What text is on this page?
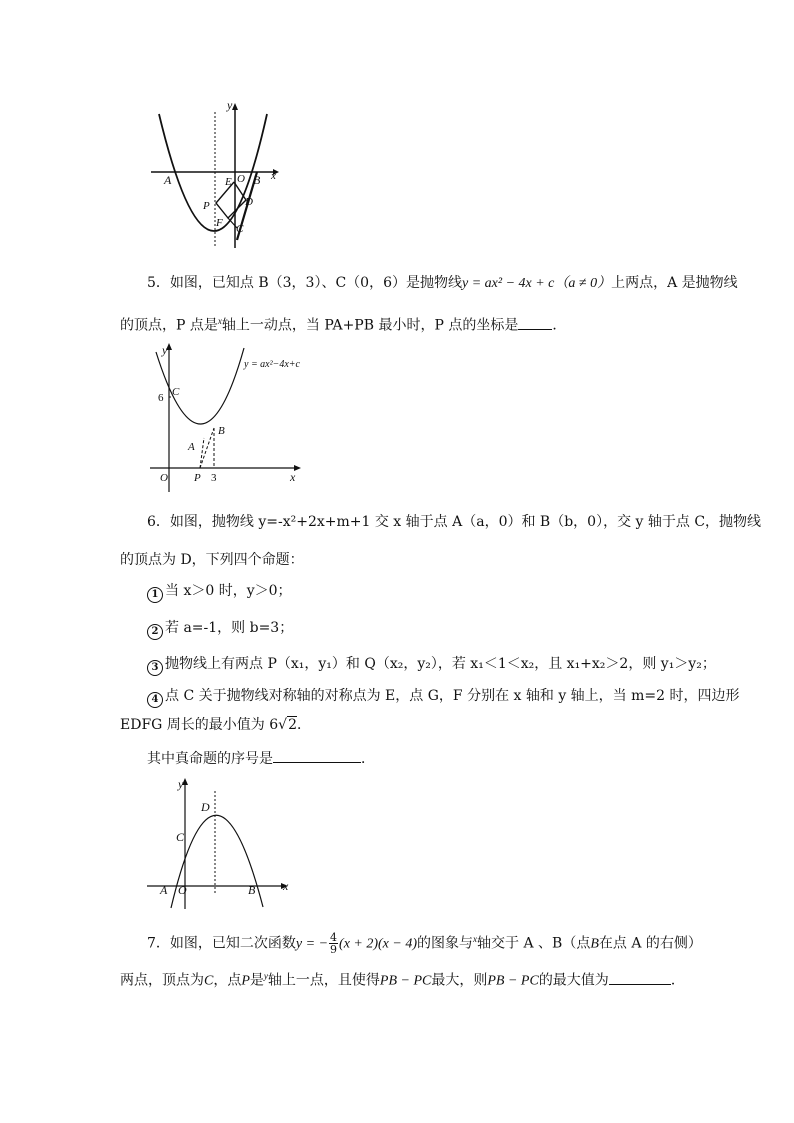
y
x
A	E O B
P	D
F C
5．如图，已知点 B（3，3）、C（0，6）是抛物线y = ax² − 4x + c（a ≠ 0）上两点，A 是抛物线
的顶点，P 点是$^x$轴上一动点，当 PA+PB 最小时，P 点的坐标是 ．
y
x
y = ax²−4x+c
6 C
B
A
O P 3
6．如图，抛物线 y=-x²+2x+m+1 交 x 轴于点 A（a，0）和 B（b，0），交 y 轴于点 C，抛物线
的顶点为 D，下列四个命题：
1 当 x＞0 时，y＞0；
2 若 a=-1，则 b=3；
3 抛物线上有两点 P（x₁，y₁）和 Q（x₂，y₂），若 x₁＜1＜x₂，且 x₁+x₂＞2，则 y₁＞y₂；
4 点 C 关于抛物线对称轴的对称点为 E，点 G，F 分别在 x 轴和 y 轴上，当 m=2 时，四边形
EDFG 周长的最小值为 6√2．
其中真命题的序号是	．
y
x
D
C
A O	B
7．如图，已知二次函数y = − $\frac{4}{9} (x + 2)(x - 4)$的图象与$^x$轴交于 A 、B（点B在点 A 的右侧）
两点，顶点为C，点P是$^y$轴上一点，且使得PB − PC最大，则PB − PC的最大值为	．
